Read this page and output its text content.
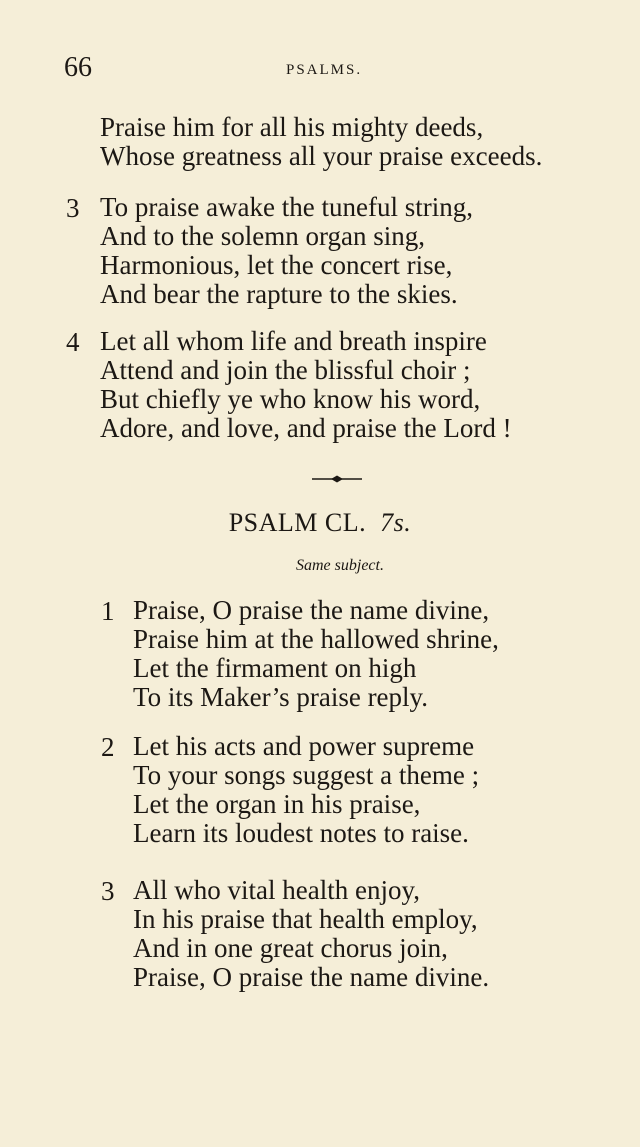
66	PSALMS.
Praise him for all his mighty deeds,
Whose greatness all your praise exceeds.
3 To praise awake the tuneful string,
And to the solemn organ sing,
Harmonious, let the concert rise,
And bear the rapture to the skies.
4 Let all whom life and breath inspire
Attend and join the blissful choir ;
But chiefly ye who know his word,
Adore, and love, and praise the Lord !
PSALM CL. 7s.
Same subject.
1 Praise, O praise the name divine,
Praise him at the hallowed shrine,
Let the firmament on high
To its Maker’s praise reply.
2 Let his acts and power supreme
To your songs suggest a theme ;
Let the organ in his praise,
Learn its loudest notes to raise.
3 All who vital health enjoy,
In his praise that health employ,
And in one great chorus join,
Praise, O praise the name divine.
